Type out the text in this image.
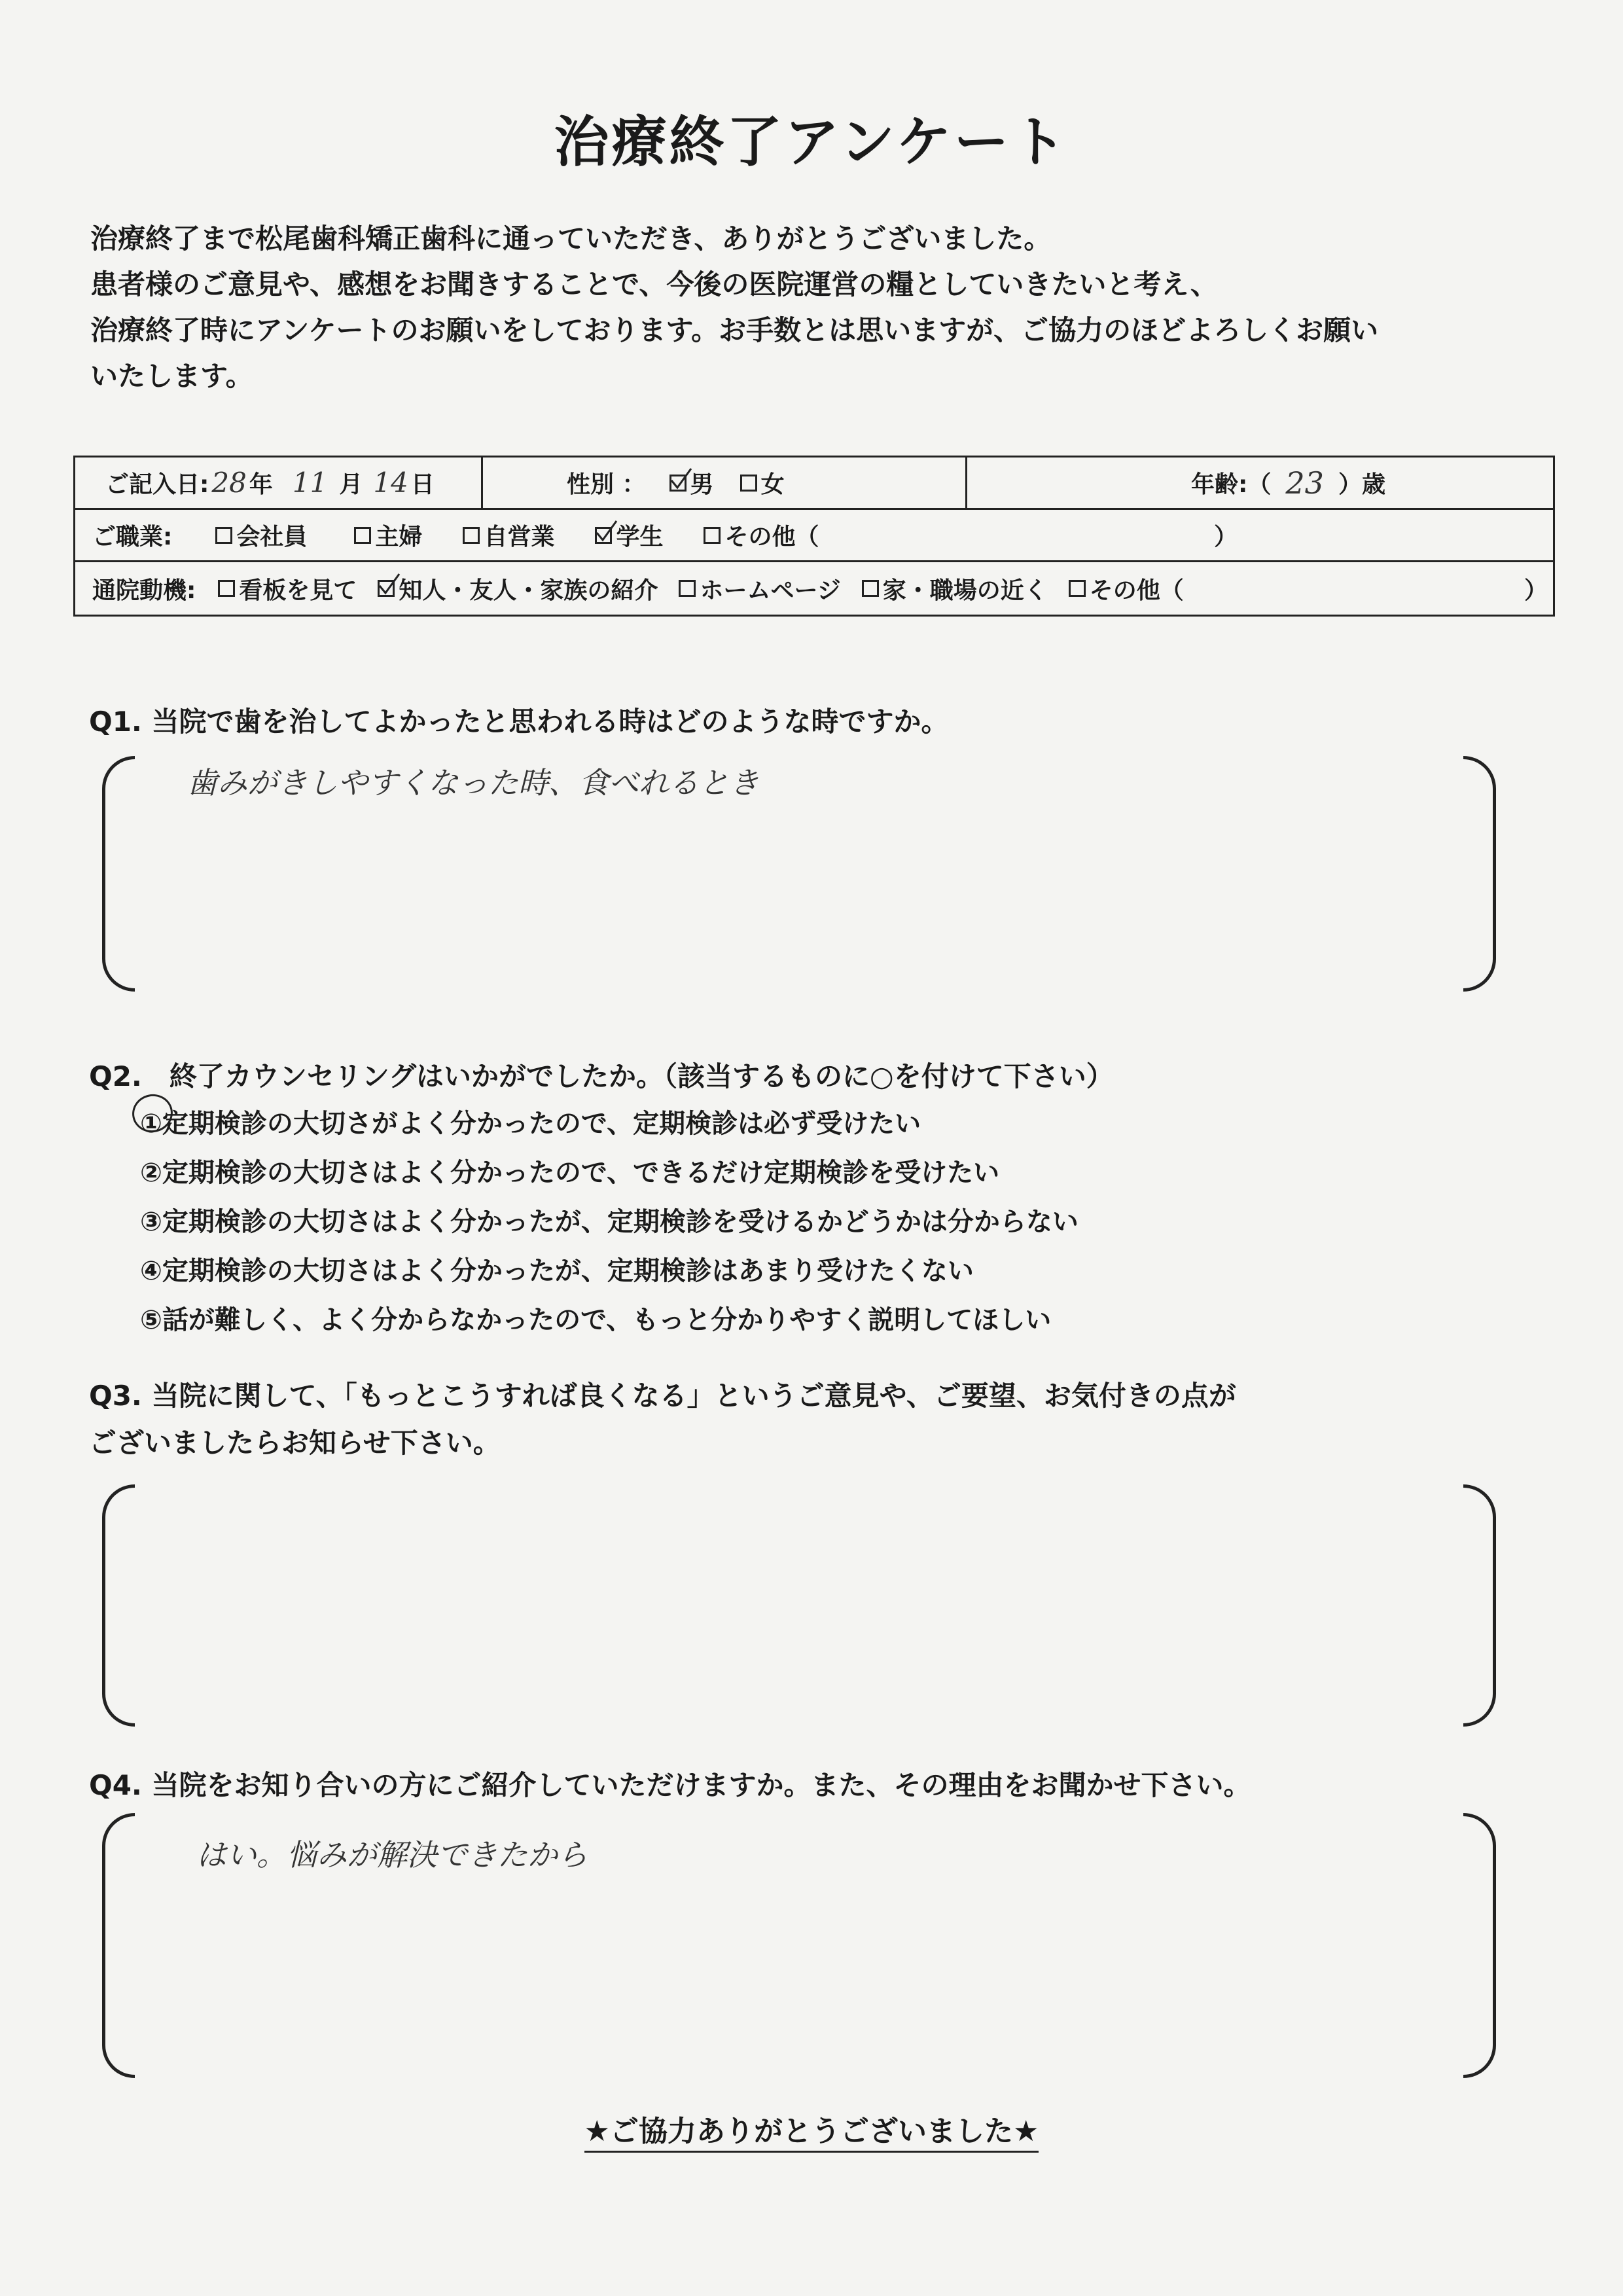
治療終了アンケート
治療終了まで松尾歯科矯正歯科に通っていただき、ありがとうございました。
患者様のご意見や、感想をお聞きすることで、今後の医院運営の糧としていきたいと考え、
治療終了時にアンケートのお願いをしております。お手数とは思いますが、ご協力のほどよろしくお願い
いたします。
ご記入日: 28 年 11 月 14 日	性別 ： 男 女	年齢:（ 23 ）歳
ご職業:	会社員	主婦	自営業	学生	その他（	）
通院動機: 看板を見て 知人・友人・家族の紹介 ホームページ 家・職場の近く その他（	）
Q1. 当院で歯を治してよかったと思われる時はどのような時ですか。
歯みがきしやすくなった時、食べれるとき
Q2.　終了カウンセリングはいかがでしたか。（該当するものに○を付けて下さい）
①定期検診の大切さがよく分かったので、定期検診は必ず受けたい
②定期検診の大切さはよく分かったので、できるだけ定期検診を受けたい
③定期検診の大切さはよく分かったが、定期検診を受けるかどうかは分からない
④定期検診の大切さはよく分かったが、定期検診はあまり受けたくない
⑤話が難しく、よく分からなかったので、もっと分かりやすく説明してほしい
Q3. 当院に関して、「もっとこうすれば良くなる」というご意見や、ご要望、お気付きの点が
ございましたらお知らせ下さい。
Q4. 当院をお知り合いの方にご紹介していただけますか。また、その理由をお聞かせ下さい。
はい。悩みが解決できたから
★ご協力ありがとうございました★
